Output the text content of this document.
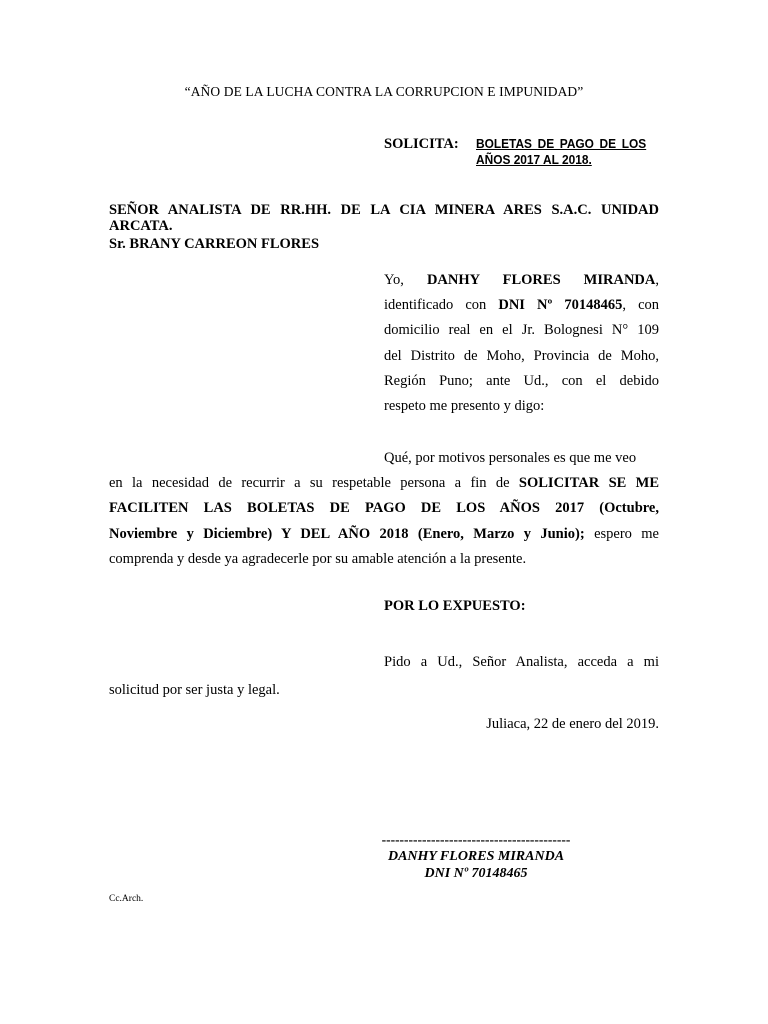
“AÑO DE LA LUCHA CONTRA LA CORRUPCION E IMPUNIDAD”
SOLICITA: BOLETAS DE PAGO DE LOS
AÑOS 2017 AL 2018.
SEÑOR ANALISTA DE RR.HH. DE LA CIA MINERA ARES S.A.C. UNIDAD
ARCATA.
Sr. BRANY CARREON FLORES
Yo, DANHY FLORES MIRANDA,
identificado con DNI Nº 70148465, con
domicilio real en el Jr. Bolognesi N° 109
del Distrito de Moho, Provincia de Moho,
Región Puno; ante Ud., con el debido
respeto me presento y digo:
Qué, por motivos personales es que me veo
en la necesidad de recurrir a su respetable persona a fin de SOLICITAR SE ME
FACILITEN LAS BOLETAS DE PAGO DE LOS AÑOS 2017 (Octubre,
Noviembre y Diciembre) Y DEL AÑO 2018 (Enero, Marzo y Junio); espero me
comprenda y desde ya agradecerle por su amable atención a la presente.
POR LO EXPUESTO:
Pido a Ud., Señor Analista, acceda a mi
solicitud por ser justa y legal.
Juliaca, 22 de enero del 2019.
------------------------------------------
DANHY FLORES MIRANDA
DNI Nº 70148465
Cc.Arch.
